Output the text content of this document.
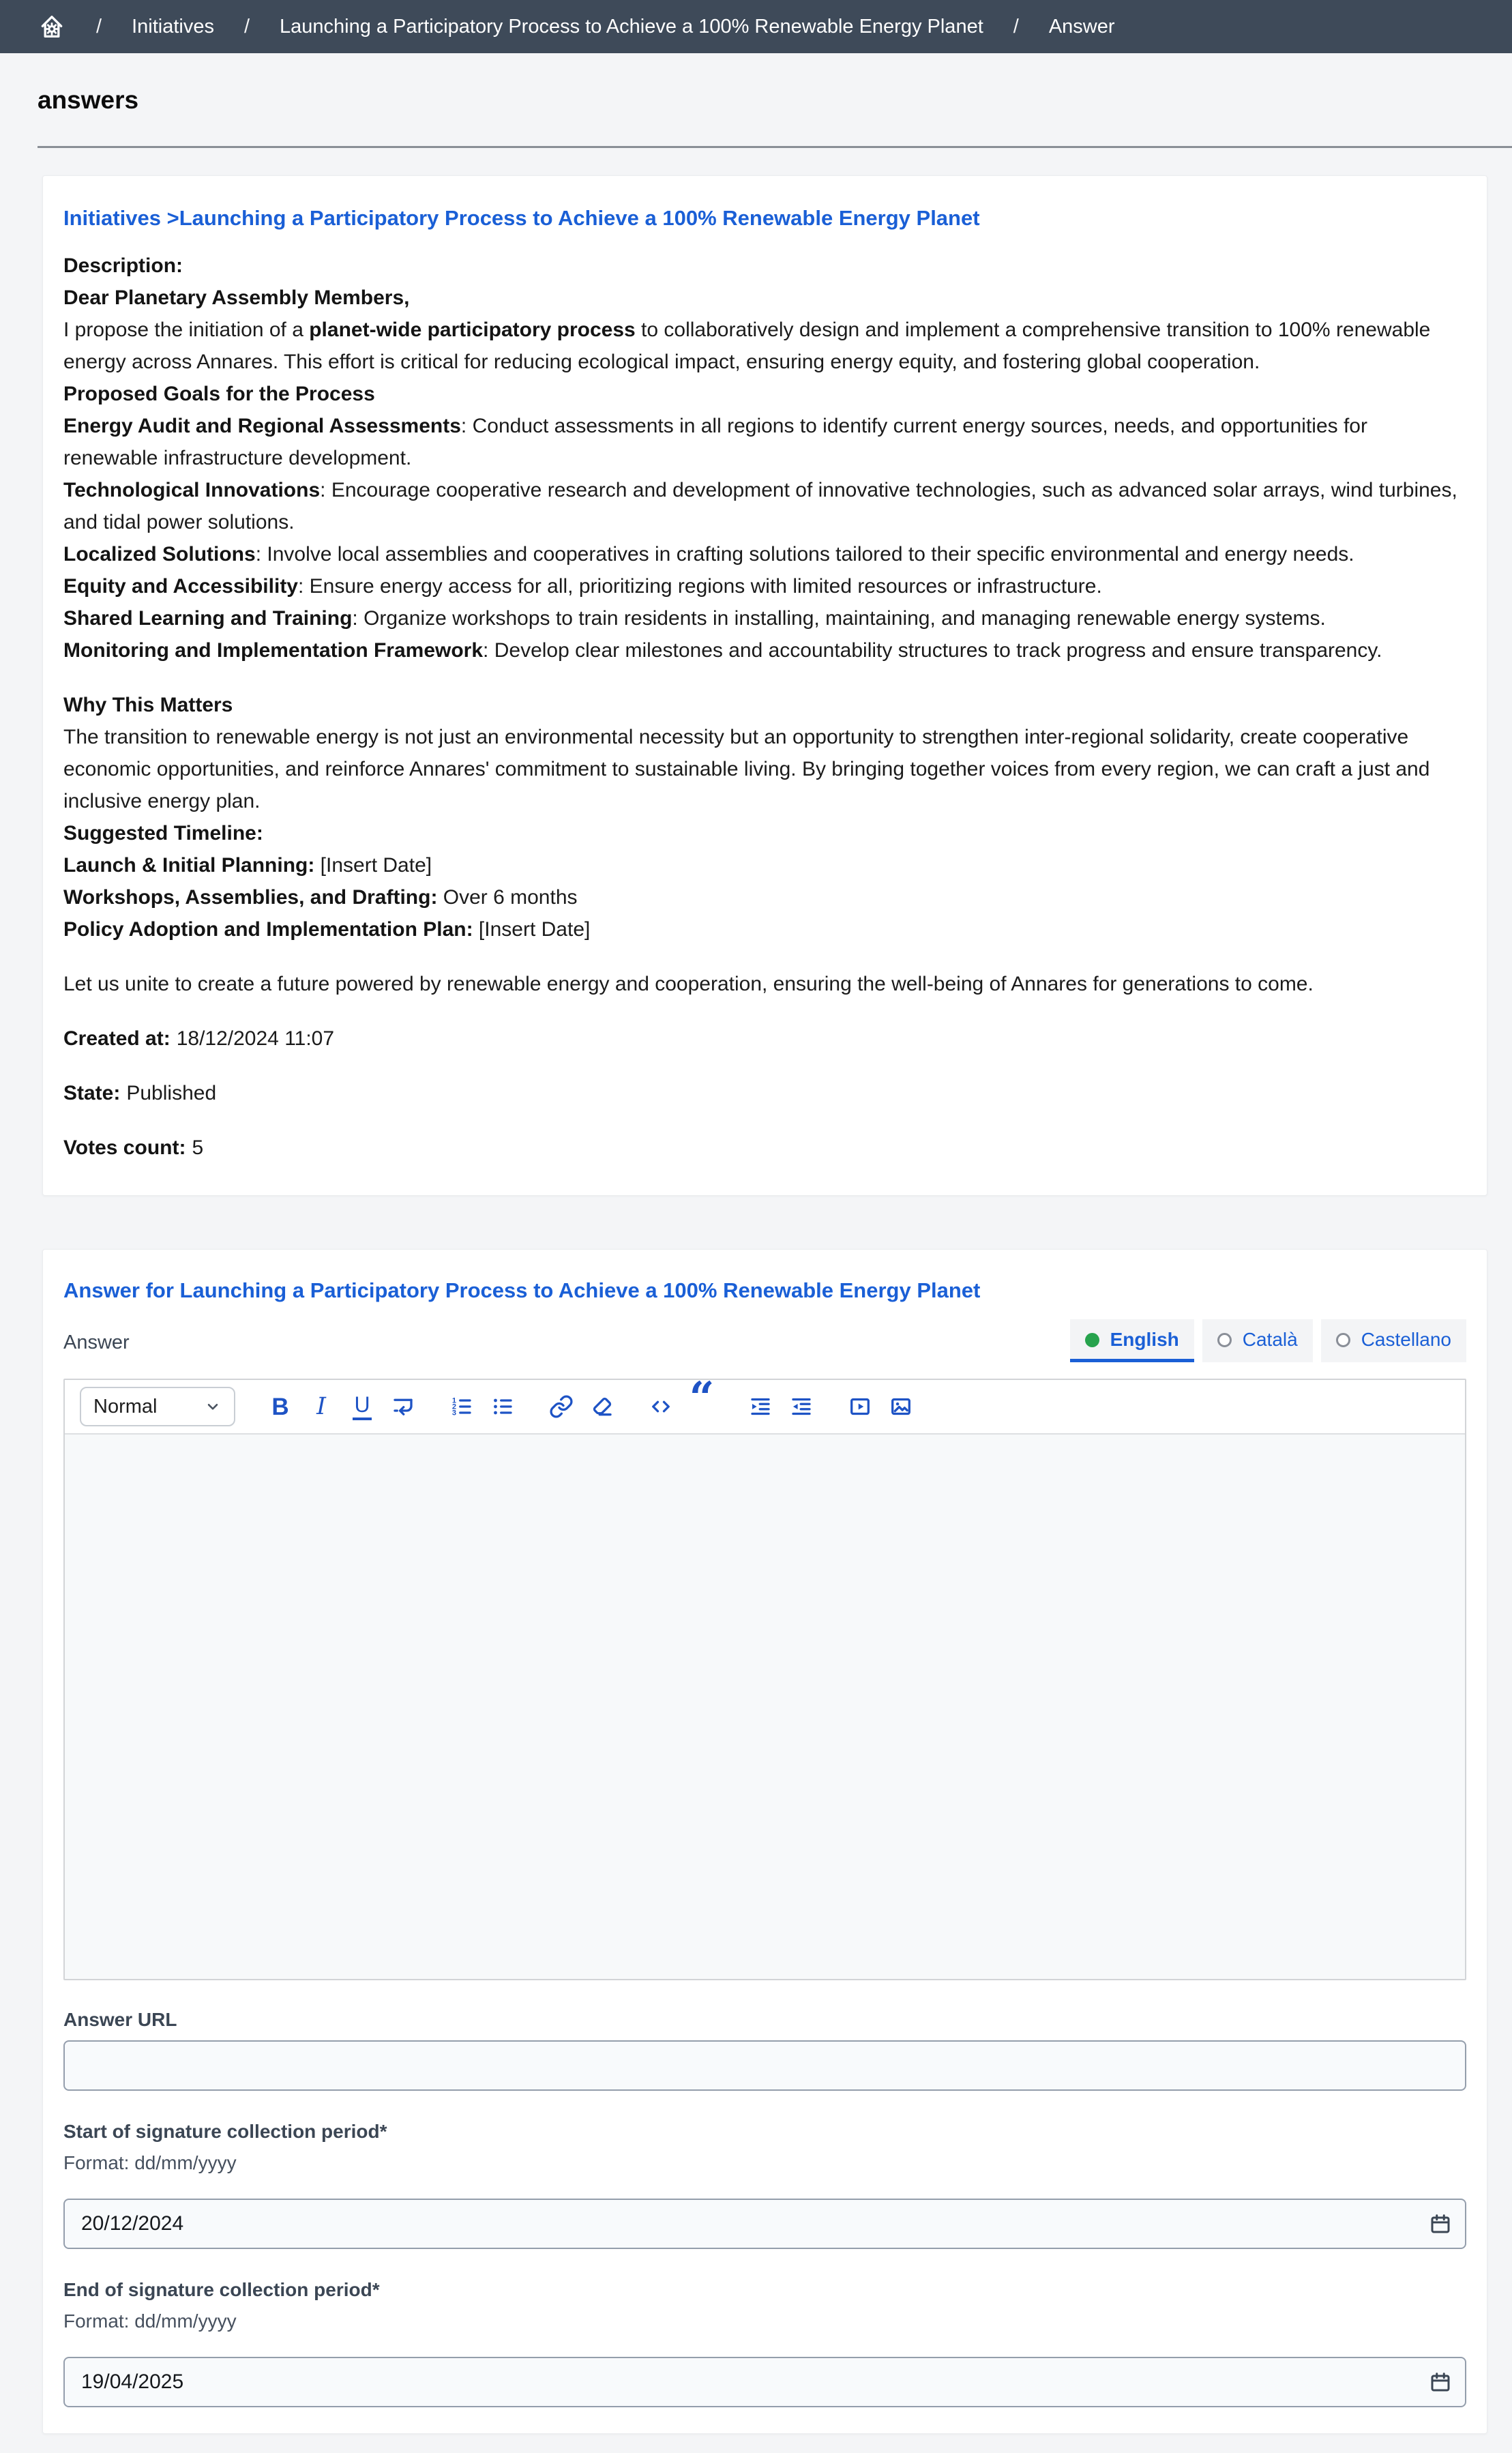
/ Initiatives / Launching a Participatory Process to Achieve a 100% Renewable Energy Planet / Answer
answers
Initiatives >Launching a Participatory Process to Achieve a 100% Renewable Energy Planet
Description:
Dear Planetary Assembly Members,
I propose the initiation of a planet-wide participatory process to collaboratively design and implement a comprehensive transition to 100% renewable energy across Annares. This effort is critical for reducing ecological impact, ensuring energy equity, and fostering global cooperation.
Proposed Goals for the Process
Energy Audit and Regional Assessments: Conduct assessments in all regions to identify current energy sources, needs, and opportunities for renewable infrastructure development.
Technological Innovations: Encourage cooperative research and development of innovative technologies, such as advanced solar arrays, wind turbines, and tidal power solutions.
Localized Solutions: Involve local assemblies and cooperatives in crafting solutions tailored to their specific environmental and energy needs.
Equity and Accessibility: Ensure energy access for all, prioritizing regions with limited resources or infrastructure.
Shared Learning and Training: Organize workshops to train residents in installing, maintaining, and managing renewable energy systems.
Monitoring and Implementation Framework: Develop clear milestones and accountability structures to track progress and ensure transparency.
Why This Matters
The transition to renewable energy is not just an environmental necessity but an opportunity to strengthen inter-regional solidarity, create cooperative economic opportunities, and reinforce Annares' commitment to sustainable living. By bringing together voices from every region, we can craft a just and inclusive energy plan.
Suggested Timeline:
Launch & Initial Planning: [Insert Date]
Workshops, Assemblies, and Drafting: Over 6 months
Policy Adoption and Implementation Plan: [Insert Date]
Let us unite to create a future powered by renewable energy and cooperation, ensuring the well-being of Annares for generations to come.
Created at: 18/12/2024 11:07
State: Published
Votes count: 5
Answer for Launching a Participatory Process to Achieve a 100% Renewable Energy Planet
Answer	English	Català	Castellano
Normal	B I U	1
2
3	“
Answer URL
Start of signature collection period*
Format: dd/mm/yyyy
20/12/2024
End of signature collection period*
Format: dd/mm/yyyy
19/04/2025
